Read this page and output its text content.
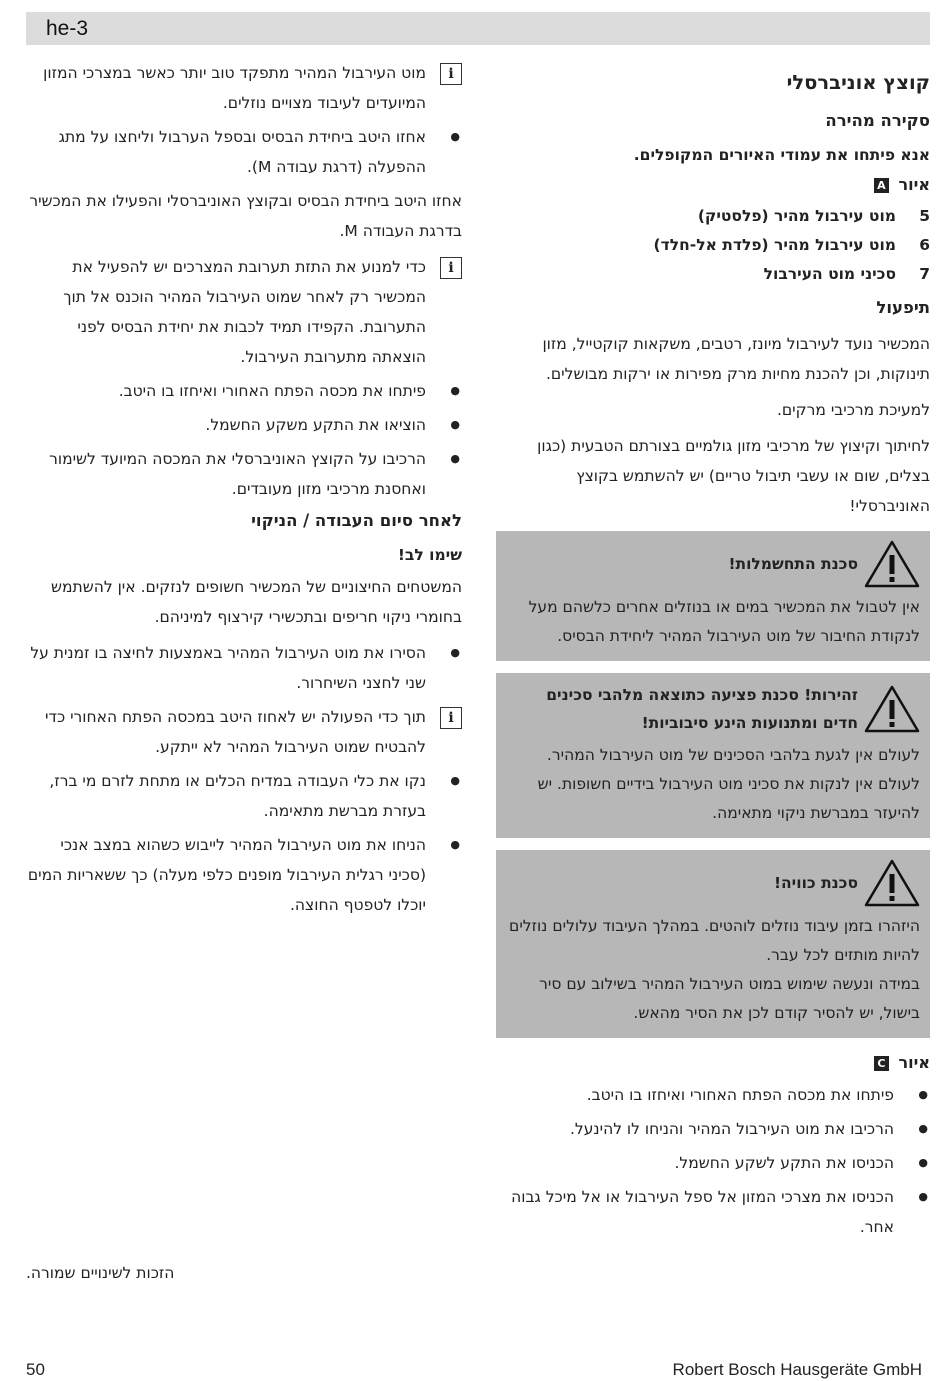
he-3
קוצץ אוניברסלי
סקירה מהירה
אנא פיתחו את עמודי האיורים המקופלים.
איור A
5
מוט עירבול מהיר (פלסטיק)
6
מוט עירבול מהיר (פלדת אל-חלד)
7
סכיני מוט העירבול
תיפעול

המכשיר נועד לעירבול מיונז, רטבים, משקאות קוקטייל, מזון תינוקות, וכן להכנת מחיות מרק מפירות או ירקות מבושלים.

למעיכת מרכיבי מרקים.

לחיתוך וקיצוץ של מרכיבי מזון גולמיים בצורתם הטבעית (כגון בצלים, שום או עשבי תיבול טריים) יש להשתמש בקוצץ האוניברסלי!

סכנת התחשמלות!

אין לטבול את המכשיר במים או בנוזלים אחרים כלשהם מעל לנקודת החיבור של מוט העירבול המהיר ליחידת הבסיס.

זהירות! סכנת פציעה כתוצאה מלהבי סכינים חדים ומתנועות הינע סיבוביות!

לעולם אין לגעת בלהבי הסכינים של מוט העירבול המהיר. לעולם אין לנקות את סכיני מוט העירבול בידיים חשופות. יש להיעזר במברשת ניקוי מתאימה.

סכנת כוויה!

היזהרו בזמן עיבוד נוזלים לוהטים. במהלך העיבוד עלולים נוזלים להיות מותזים לכל עבר.

במידה ונעשה שימוש במוט העירבול המהיר בשילוב עם סיר בישול, יש להסיר קודם לכן את הסיר מהאש.

איור C
● פיתחו את מכסה הפתח האחורי ואיחזו בו היטב.
● הרכיבו את מוט העירבול המהיר והניחו לו להינעל.
● הכניסו את התקע לשקע החשמל.
● הכניסו את מצרכי המזון אל ספל העירבול או אל מיכל גבוה אחר.
i
מוט העירבול המהיר מתפקד טוב יותר כאשר במצרכי המזון המיועדים לעיבוד מצויים נוזלים.
● אחזו היטב ביחידת הבסיס ובספל הערבול וליחצו על מתג ההפעלה (דרגת עבודה M).

אחזו היטב ביחידת הבסיס ובקוצץ האוניברסלי והפעילו את המכשיר בדרגת העבודה M.

i
כדי למנוע את התזת תערובת המצרכים יש להפעיל את המכשיר רק לאחר שמוט העירבול המהיר הוכנס אל תוך התערובת. הקפידו תמיד לכבות את יחידת הבסיס לפני הוצאתה מתערובת העירבול.
● פיתחו את מכסה הפתח האחורי ואיחזו בו היטב.
● הוציאו את התקע משקע החשמל.
● הרכיבו על הקוצץ האוניברסלי את המכסה המיועד לשימור ואחסנת מרכיבי מזון מעובדים.
לאחר סיום העבודה / הניקוי
שימו לב!

המשטחים החיצוניים של המכשיר חשופים לנזקים. אין להשתמש בחומרי ניקוי חריפים ובתכשירי קירצוף למיניהם.

● הסירו את מוט העירבול המהיר באמצעות לחיצה בו זמנית על שני לחצני השיחרור.
i
תוך כדי הפעולה יש לאחוז היטב במכסה הפתח האחורי כדי להבטיח שמוט העירבול המהיר לא ייתקע.
● נקו את כלי העבודה במדיח הכלים או מתחת לזרם מי ברז, בעזרת מברשת מתאימה.
● הניחו את מוט העירבול המהיר לייבוש כשהוא במצב אנכי (סכיני רגלית העירבול מופנים כלפי מעלה) כך ששאריות המים יוכלו לטפטף החוצה.
הזכות לשינויים שמורה.
50	Robert Bosch Hausgeräte GmbH
